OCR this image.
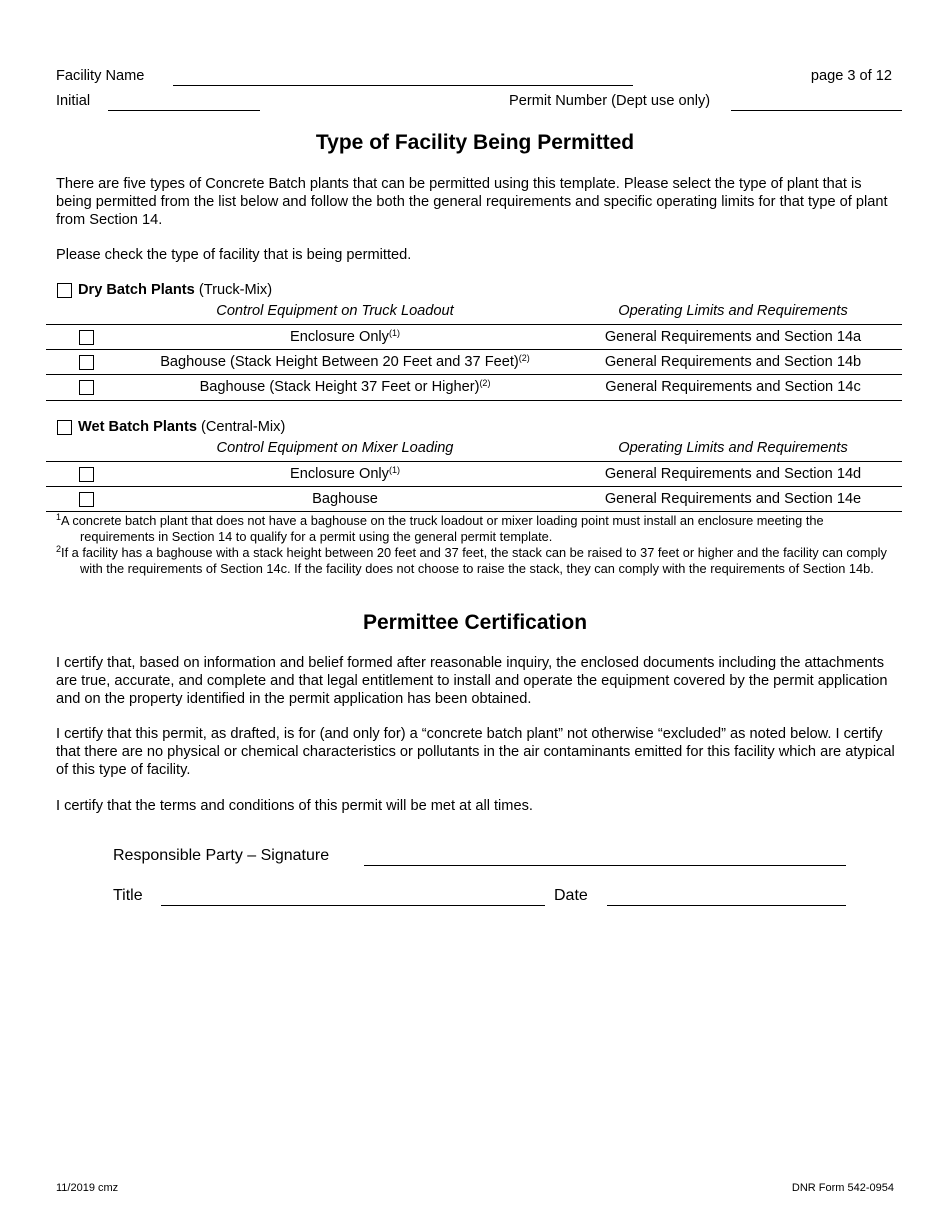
Facility Name	page 3 of 12
Initial	Permit Number (Dept use only)
Type of Facility Being Permitted
There are five types of Concrete Batch plants that can be permitted using this template. Please select the type of plant that is being permitted from the list below and follow the both the general requirements and specific operating limits for that type of plant from Section 14.
Please check the type of facility that is being permitted.
Dry Batch Plants (Truck-Mix)
Control Equipment on Truck Loadout	Operating Limits and Requirements
Enclosure Only$^{(1)}$	General Requirements and Section 14a
Baghouse (Stack Height Between 20 Feet and 37 Feet)$^{(2)}$	General Requirements and Section 14b
Baghouse (Stack Height 37 Feet or Higher)$^{(2)}$	General Requirements and Section 14c
Wet Batch Plants (Central-Mix)
Control Equipment on Mixer Loading	Operating Limits and Requirements
Enclosure Only$^{(1)}$	General Requirements and Section 14d
Baghouse	General Requirements and Section 14e
$^1$A concrete batch plant that does not have a baghouse on the truck loadout or mixer loading point must install an enclosure meeting the requirements in Section 14 to qualify for a permit using the general permit template.
$^2$If a facility has a baghouse with a stack height between 20 feet and 37 feet, the stack can be raised to 37 feet or higher and the facility can comply with the requirements of Section 14c. If the facility does not choose to raise the stack, they can comply with the requirements of Section 14b.
Permittee Certification
I certify that, based on information and belief formed after reasonable inquiry, the enclosed documents including the attachments are true, accurate, and complete and that legal entitlement to install and operate the equipment covered by the permit application and on the property identified in the permit application has been obtained.
I certify that this permit, as drafted, is for (and only for) a “concrete batch plant” not otherwise “excluded” as noted below. I certify that there are no physical or chemical characteristics or pollutants in the air contaminants emitted for this facility which are atypical of this type of facility.
I certify that the terms and conditions of this permit will be met at all times.
Responsible Party – Signature
Title	Date
11/2019 cmz	DNR Form 542-0954
